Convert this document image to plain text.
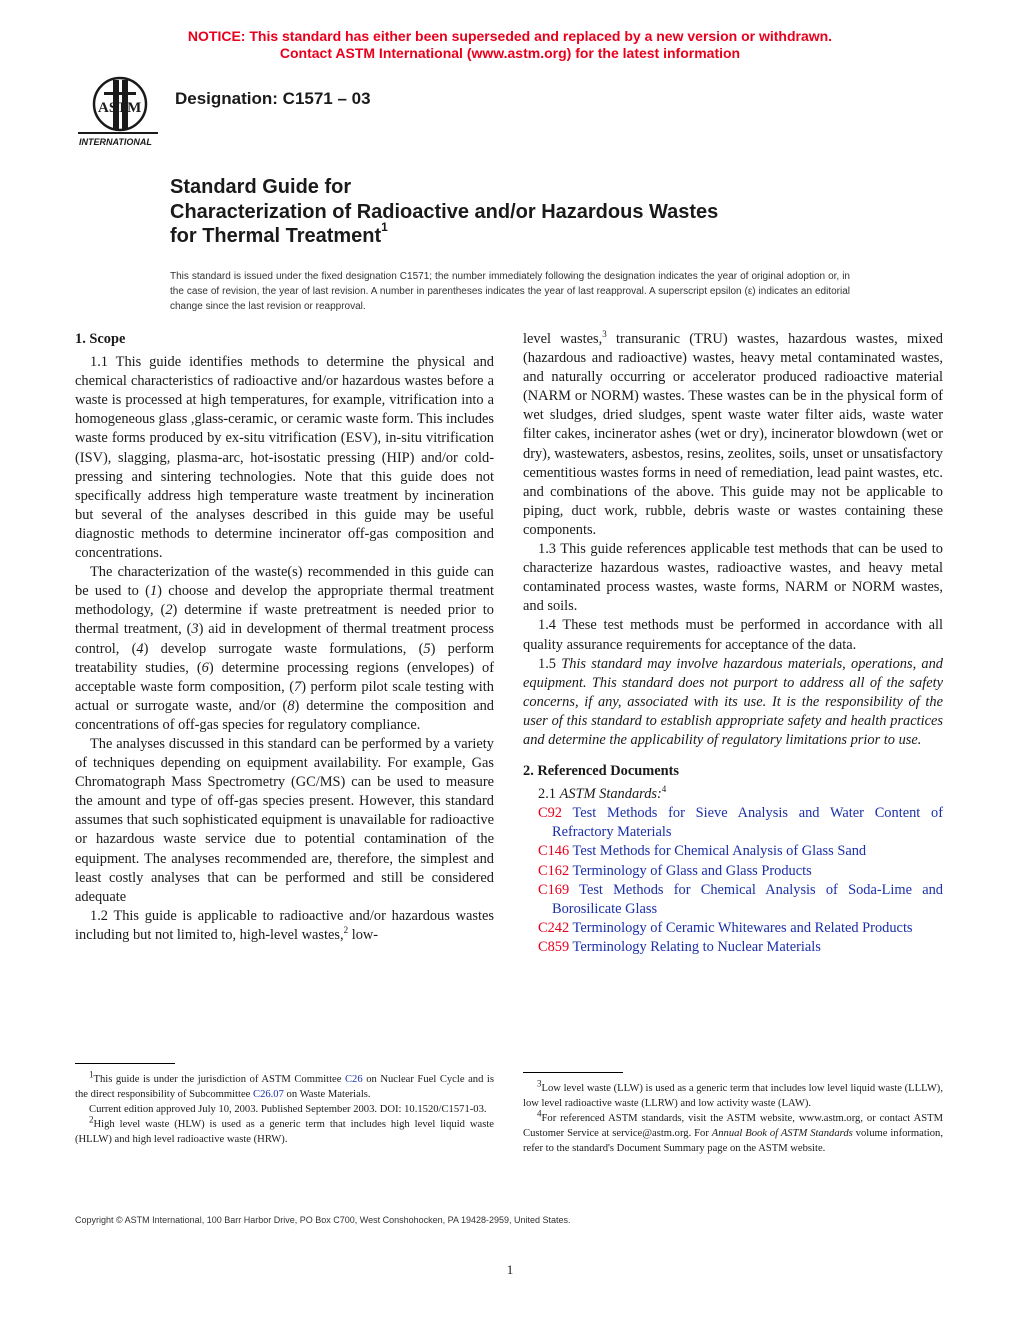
NOTICE: This standard has either been superseded and replaced by a new version or withdrawn.
Contact ASTM International (www.astm.org) for the latest information
ASTM
INTERNATIONAL
Designation: C1571 – 03
Standard Guide for
Characterization of Radioactive and/or Hazardous Wastes
for Thermal Treatment$^1$
This standard is issued under the fixed designation C1571; the number immediately following the designation indicates the year of original adoption or, in the case of revision, the year of last revision. A number in parentheses indicates the year of last reapproval. A superscript epsilon (ε) indicates an editorial change since the last revision or reapproval.
1. Scope

1.1 This guide identifies methods to determine the physical and chemical characteristics of radioactive and/or hazardous wastes before a waste is processed at high temperatures, for example, vitrification into a homogeneous glass ,glass-ceramic, or ceramic waste form. This includes waste forms produced by ex-situ vitrification (ESV), in-situ vitrification (ISV), slagging, plasma-arc, hot-isostatic pressing (HIP) and/or cold-pressing and sintering technologies. Note that this guide does not specifically address high temperature waste treatment by incineration but several of the analyses described in this guide may be useful diagnostic methods to determine incinerator off-gas composition and concentrations.

The characterization of the waste(s) recommended in this guide can be used to (1) choose and develop the appropriate thermal treatment methodology, (2) determine if waste pretreatment is needed prior to thermal treatment, (3) aid in development of thermal treatment process control, (4) develop surrogate waste formulations, (5) perform treatability studies, (6) determine processing regions (envelopes) of acceptable waste form composition, (7) perform pilot scale testing with actual or surrogate waste, and/or (8) determine the composition and concentrations of off-gas species for regulatory compliance.

The analyses discussed in this standard can be performed by a variety of techniques depending on equipment availability. For example, Gas Chromatograph Mass Spectrometry (GC/MS) can be used to measure the amount and type of off-gas species present. However, this standard assumes that such sophisticated equipment is unavailable for radioactive or hazardous waste service due to potential contamination of the equipment. The analyses recommended are, therefore, the simplest and least costly analyses that can be performed and still be considered adequate

1.2 This guide is applicable to radioactive and/or hazardous wastes including but not limited to, high-level wastes,$^2$ low-

level wastes,$^3$ transuranic (TRU) wastes, hazardous wastes, mixed (hazardous and radioactive) wastes, heavy metal contaminated wastes, and naturally occurring or accelerator produced radioactive material (NARM or NORM) wastes. These wastes can be in the physical form of wet sludges, dried sludges, spent waste water filter aids, waste water filter cakes, incinerator ashes (wet or dry), incinerator blowdown (wet or dry), wastewaters, asbestos, resins, zeolites, soils, unset or unsatisfactory cementitious wastes forms in need of remediation, lead paint wastes, etc. and combinations of the above. This guide may not be applicable to piping, duct work, rubble, debris waste or wastes containing these components.

1.3 This guide references applicable test methods that can be used to characterize hazardous wastes, radioactive wastes, and heavy metal contaminated process wastes, waste forms, NARM or NORM wastes, and soils.

1.4 These test methods must be performed in accordance with all quality assurance requirements for acceptance of the data.

1.5 This standard may involve hazardous materials, operations, and equipment. This standard does not purport to address all of the safety concerns, if any, associated with its use. It is the responsibility of the user of this standard to establish appropriate safety and health practices and determine the applicability of regulatory limitations prior to use.

2. Referenced Documents

2.1 ASTM Standards:$^4$

C92 Test Methods for Sieve Analysis and Water Content of Refractory Materials
C146 Test Methods for Chemical Analysis of Glass Sand
C162 Terminology of Glass and Glass Products
C169 Test Methods for Chemical Analysis of Soda-Lime and Borosilicate Glass
C242 Terminology of Ceramic Whitewares and Related Products
C859 Terminology Relating to Nuclear Materials

$^1$This guide is under the jurisdiction of ASTM Committee C26 on Nuclear Fuel Cycle and is the direct responsibility of Subcommittee C26.07 on Waste Materials.

Current edition approved July 10, 2003. Published September 2003. DOI: 10.1520/C1571-03.

$^2$High level waste (HLW) is used as a generic term that includes high level liquid waste (HLLW) and high level radioactive waste (HRW).

$^3$Low level waste (LLW) is used as a generic term that includes low level liquid waste (LLLW), low level radioactive waste (LLRW) and low activity waste (LAW).

$^4$For referenced ASTM standards, visit the ASTM website, www.astm.org, or contact ASTM Customer Service at service@astm.org. For Annual Book of ASTM Standards volume information, refer to the standard's Document Summary page on the ASTM website.

Copyright © ASTM International, 100 Barr Harbor Drive, PO Box C700, West Conshohocken, PA 19428-2959, United States.
1
